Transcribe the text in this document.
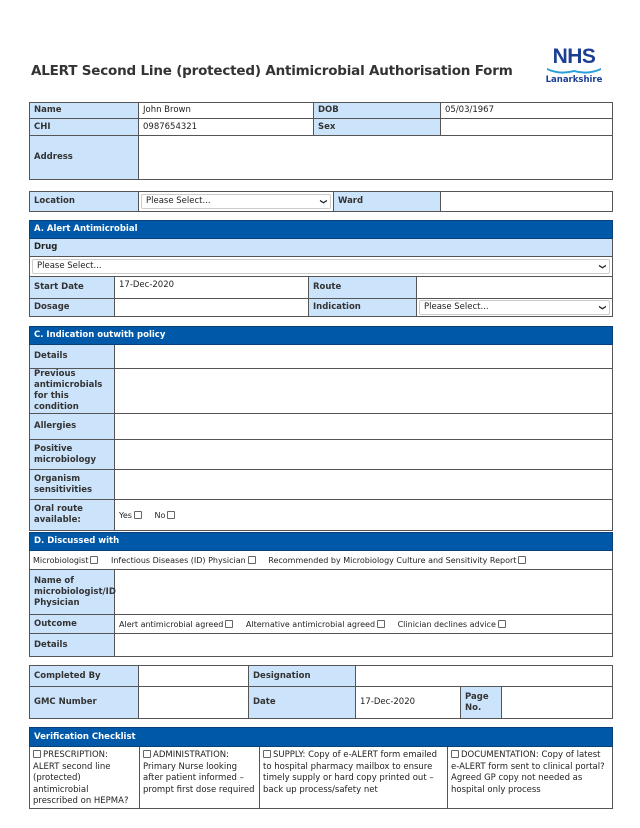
ALERT Second Line (protected) Antimicrobial Authorisation Form
NHS
Lanarkshire
Name	John Brown	DOB	05/03/1967
CHI	0987654321	Sex	
Address			
Location	Please Select...	❯	Ward	
A. Alert Antimicrobial			
Drug			

Please Select... ❯			

Start Date	17-Dec-2020	Route	
Dosage		Indication	Please Select... ❯
C. Indication outwith policy	
Details	
Previous antimicrobials for this condition	
Allergies	
Positive microbiology	
Organism sensitivities	
Oral route available:	Yes No
D. Discussed with	
Microbiologist Infectious Diseases (ID) Physician Recommended by Microbiology Culture and Sensitivity Report	
Name of microbiologist/ID Physician	
Outcome	Alert antimicrobial agreed Alternative antimicrobial agreed Clinician declines advice
Details	
Completed By		Designation			
GMC Number		Date	17-Dec-2020	Page No.	
Verification Checklist
PRESCRIPTION: ALERT second line (protected) antimicrobial prescribed on HEPMA?	ADMINISTRATION: Primary Nurse looking after patient informed – prompt first dose required	SUPPLY: Copy of e-ALERT form emailed to hospital pharmacy mailbox to ensure timely supply or hard copy printed out – back up process/safety net	DOCUMENTATION: Copy of latest e-ALERT form sent to clinical portal? Agreed GP copy not needed as hospital only process
